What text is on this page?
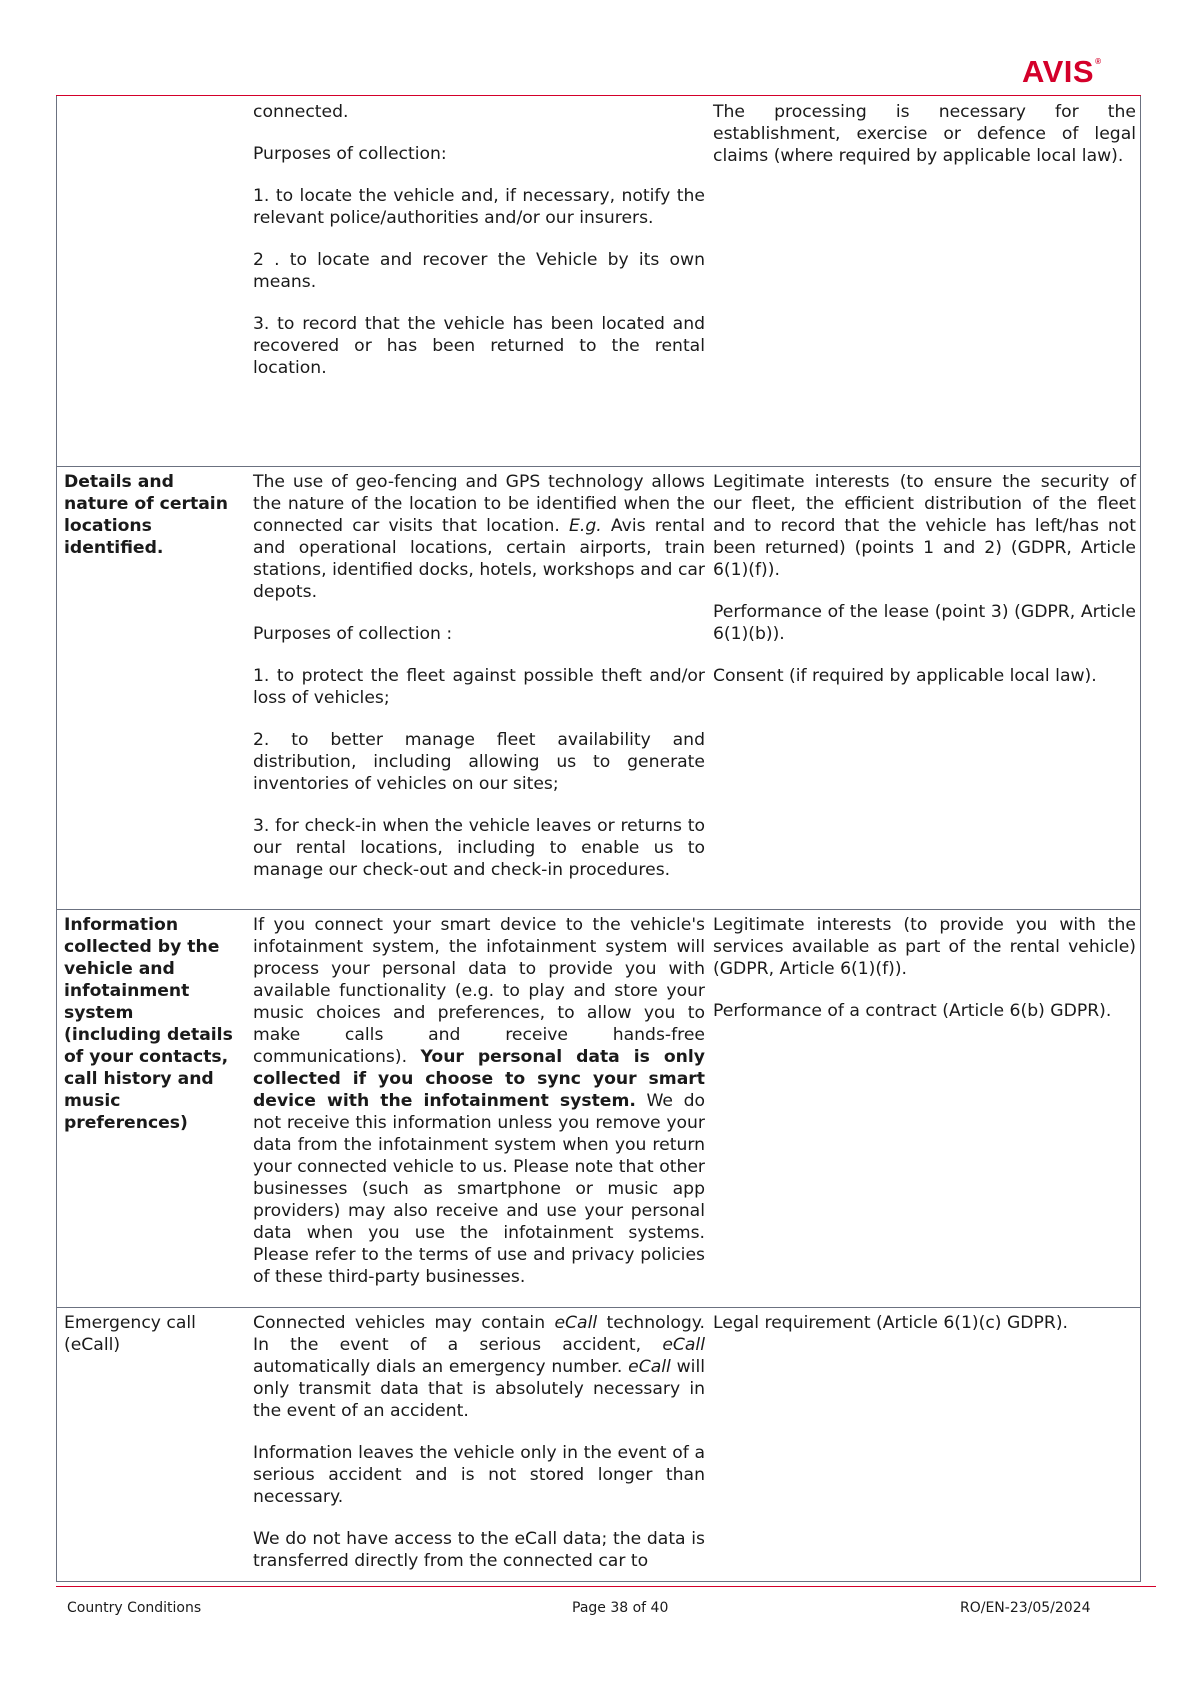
AVIS®

connected.

Purposes of collection:

1. to locate the vehicle and, if necessary, notify the relevant police/authorities and/or our insurers.

2 . to locate and recover the Vehicle by its own means.

3. to record that the vehicle has been located and recovered or has been returned to the rental location.

The processing is necessary for the establishment, exercise or defence of legal claims (where required by applicable local law).

Details and nature of certain locations identified.

The use of geo-fencing and GPS technology allows the nature of the location to be identified when the connected car visits that location. E.g. Avis rental and operational locations, certain airports, train stations, identified docks, hotels, workshops and car depots.

Purposes of collection :

1. to protect the fleet against possible theft and/or loss of vehicles;

2. to better manage fleet availability and distribution, including allowing us to generate inventories of vehicles on our sites;

3. for check-in when the vehicle leaves or returns to our rental locations, including to enable us to manage our check-out and check-in procedures.

Legitimate interests (to ensure the security of our fleet, the efficient distribution of the fleet and to record that the vehicle has left/has not been returned) (points 1 and 2) (GDPR, Article 6(1)(f)).

Performance of the lease (point 3) (GDPR, Article 6(1)(b)).

Consent (if required by applicable local law).

Information collected by the vehicle and infotainment system (including details of your contacts, call history and music preferences)

If you connect your smart device to the vehicle's infotainment system, the infotainment system will process your personal data to provide you with available functionality (e.g. to play and store your music choices and preferences, to allow you to make calls and receive hands-free communications). Your personal data is only collected if you choose to sync your smart device with the infotainment system. We do not receive this information unless you remove your data from the infotainment system when you return your connected vehicle to us. Please note that other businesses (such as smartphone or music app providers) may also receive and use your personal data when you use the infotainment systems. Please refer to the terms of use and privacy policies of these third-party businesses.

Legitimate interests (to provide you with the services available as part of the rental vehicle) (GDPR, Article 6(1)(f)).

Performance of a contract (Article 6(b) GDPR).

Emergency call (eCall)

Connected vehicles may contain eCall technology. In the event of a serious accident, eCall automatically dials an emergency number. eCall will only transmit data that is absolutely necessary in the event of an accident.

Information leaves the vehicle only in the event of a serious accident and is not stored longer than necessary.

We do not have access to the eCall data; the data is transferred directly from the connected car to

Legal requirement (Article 6(1)(c) GDPR).

Country Conditions	Page 38 of 40	RO/EN-23/05/2024
